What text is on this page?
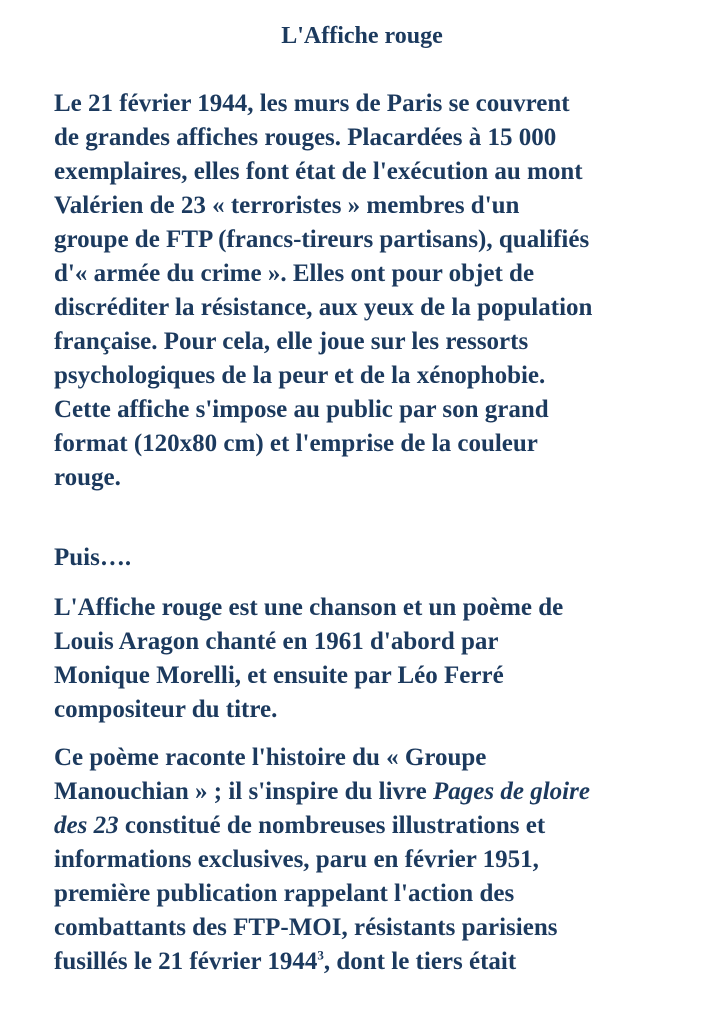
L'Affiche rouge

Le 21 février 1944, les murs de Paris se couvrent
de grandes affiches rouges. Placardées à 15 000
exemplaires, elles font état de l'exécution au mont
Valérien de 23 « terroristes » membres d'un
groupe de FTP (francs-tireurs partisans), qualifiés
d'« armée du crime ». Elles ont pour objet de
discréditer la résistance, aux yeux de la population
française. Pour cela, elle joue sur les ressorts
psychologiques de la peur et de la xénophobie.
Cette affiche s'impose au public par son grand
format (120x80 cm) et l'emprise de la couleur
rouge.

Puis….

L'Affiche rouge est une chanson et un poème de
Louis Aragon chanté en 1961 d'abord par
Monique Morelli, et ensuite par Léo Ferré
compositeur du titre.

Ce poème raconte l'histoire du « Groupe
Manouchian » ; il s'inspire du livre Pages de gloire
des 23 constitué de nombreuses illustrations et
informations exclusives, paru en février 1951,
première publication rappelant l'action des
combattants des FTP-MOI, résistants parisiens
fusillés le 21 février 1944$^3$, dont le tiers était
